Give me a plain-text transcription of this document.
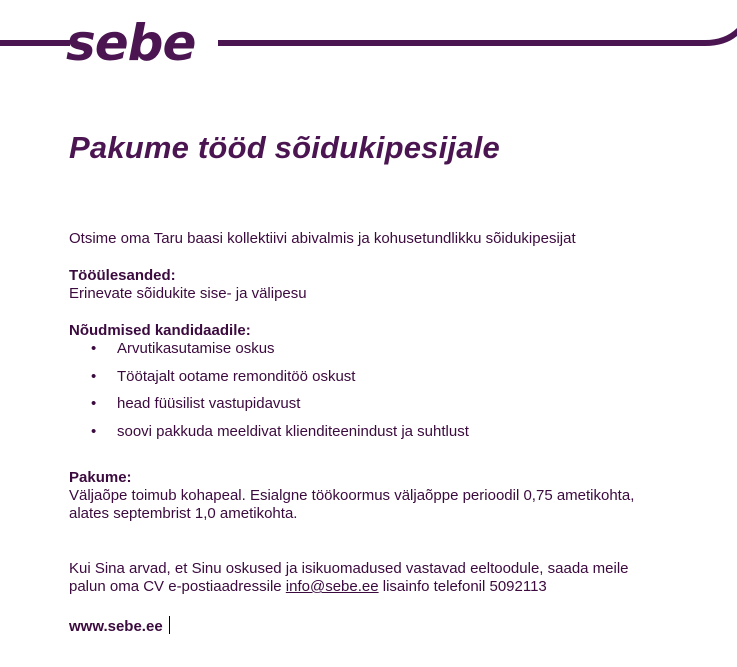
sebe
Pakume tööd sõidukipesijale

Otsime oma Taru baasi kollektiivi abivalmis ja kohusetundlikku sõidukipesijat

Tööülesanded:

Erinevate sõidukite sise- ja välipesu

Nõudmised kandidaadile:

• Arvutikasutamise oskus
• Töötajalt ootame remonditöö oskust
• head füüsilist vastupidavust
• soovi pakkuda meeldivat klienditeenindust ja suhtlust

Pakume:

Väljaõpe toimub kohapeal. Esialgne töökoormus väljaõppe perioodil 0,75 ametikohta,

alates septembrist 1,0 ametikohta.

Kui Sina arvad, et Sinu oskused ja isikuomadused vastavad eeltoodule, saada meile

palun oma CV e-postiaadressile info@sebe.ee lisainfo telefonil 5092113

www.sebe.ee
